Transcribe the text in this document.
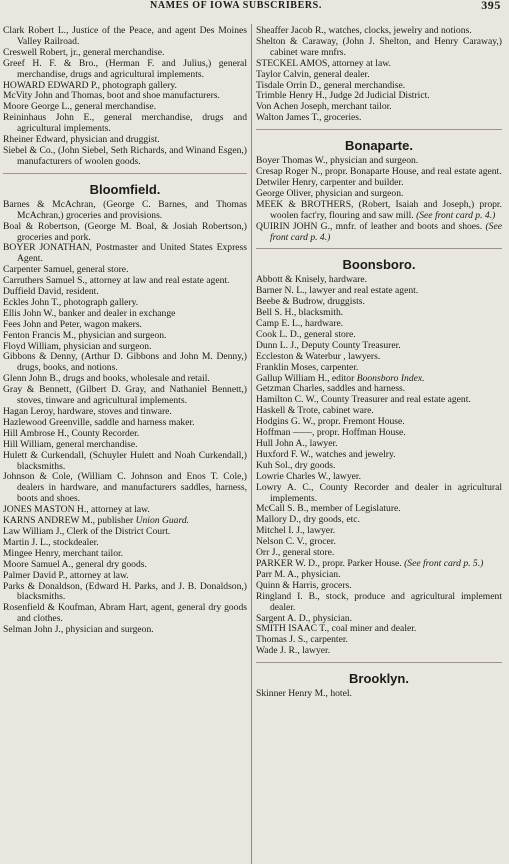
NAMES OF IOWA SUBSCRIBERS.	395

Clark Robert L., Justice of the Peace, and agent Des Moines Valley Railroad.

Creswell Robert, jr., general merchandise.

Greef H. F. & Bro., (Herman F. and Julius,) general merchandise, drugs and agricultural implements.

HOWARD EDWARD P., photograph gallery.

McVity John and Thomas, boot and shoe manufacturers.

Moore George L., general merchandise.

Reininhaus John E., general merchandise, drugs and agricultural implements.

Rheiner Edward, physician and druggist.

Siebel & Co., (John Siebel, Seth Richards, and Winand Esgen,) manufacturers of woolen goods.

Bloomfield.

Barnes & McAchran, (George C. Barnes, and Thomas McAchran,) groceries and provisions.

Boal & Robertson, (George M. Boal, & Josiah Robertson,) groceries and pork.

BOYER JONATHAN, Postmaster and United States Express Agent.

Carpenter Samuel, general store.

Carruthers Samuel S., attorney at law and real estate agent.

Duffield David, resident.

Eckles John T., photograph gallery.

Ellis John W., banker and dealer in exchange

Fees John and Peter, wagon makers.

Fenton Francis M., physician and surgeon.

Floyd William, physician and surgeon.

Gibbons & Denny, (Arthur D. Gibbons and John M. Denny,) drugs, books, and notions.

Glenn John B., drugs and books, wholesale and retail.

Gray & Bennett, (Gilbert D. Gray, and Nathaniel Bennett,) stoves, tinware and agricultural implements.

Hagan Leroy, hardware, stoves and tinware.

Hazlewood Greenville, saddle and harness maker.

Hill Ambrose H., County Recorder.

Hill William, general merchandise.

Hulett & Curkendall, (Schuyler Hulett and Noah Curkendall,) blacksmiths.

Johnson & Cole, (William C. Johnson and Enos T. Cole,) dealers in hardware, and manufacturers saddles, harness, boots and shoes.

JONES MASTON H., attorney at law.

KARNS ANDREW M., publisher Union Guard.

Law William J., Clerk of the District Court.

Martin J. L., stockdealer.

Mingee Henry, merchant tailor.

Moore Samuel A., general dry goods.

Palmer David P., attorney at law.

Parks & Donaldson, (Edward H. Parks, and J. B. Donaldson,) blacksmiths.

Rosenfield & Koufman, Abram Hart, agent, general dry goods and clothes.

Selman John J., physician and surgeon.

Sheaffer Jacob R., watches, clocks, jewelry and notions.

Shelton & Caraway, (John J. Shelton, and Henry Caraway,) cabinet ware mnfrs.

STECKEL AMOS, attorney at law.

Taylor Calvin, general dealer.

Tisdale Orrin D., general merchandise.

Trimble Henry H., Judge 2d Judicial District.

Von Achen Joseph, merchant tailor.

Walton James T., groceries.

Bonaparte.

Boyer Thomas W., physician and surgeon.

Cresap Roger N., propr. Bonaparte House, and real estate agent.

Detwiler Henry, carpenter and builder.

George Oliver, physician and surgeon.

MEEK & BROTHERS, (Robert, Isaiah and Joseph,) propr. woolen fact'ry, flouring and saw mill. (See front card p. 4.)

QUIRIN JOHN G., mnfr. of leather and boots and shoes. (See front card p. 4.)

Boonsboro.

Abbott & Knisely, hardware.

Barner N. L., lawyer and real estate agent.

Beebe & Budrow, druggists.

Bell S. H., blacksmith.

Camp E. L., hardware.

Cook L. D., general store.

Dunn L. J., Deputy County Treasurer.

Eccleston & Waterbur , lawyers.

Franklin Moses, carpenter.

Gallup William H., editor Boonsboro Index.

Getzman Charles, saddles and harness.

Hamilton C. W., County Treasurer and real estate agent.

Haskell & Trote, cabinet ware.

Hodgins G. W., propr. Fremont House.

Hoffman ——, propr. Hoffman House.

Hull John A., lawyer.

Huxford F. W., watches and jewelry.

Kuh Sol., dry goods.

Lowrie Charles W., lawyer.

Lowry A. C., County Recorder and dealer in agricultural implements.

McCall S. B., member of Legislature.

Mallory D., dry goods, etc.

Mitchel I. J., lawyer.

Nelson C. V., grocer.

Orr J., general store.

PARKER W. D., propr. Parker House. (See front card p. 5.)

Parr M. A., physician.

Quinn & Harris, grocers.

Ringland I. B., stock, produce and agricultural implement dealer.

Sargent A. D., physician.

SMITH ISAAC T., coal miner and dealer.

Thomas J. S., carpenter.

Wade J. R., lawyer.

Brooklyn.

Skinner Henry M., hotel.
